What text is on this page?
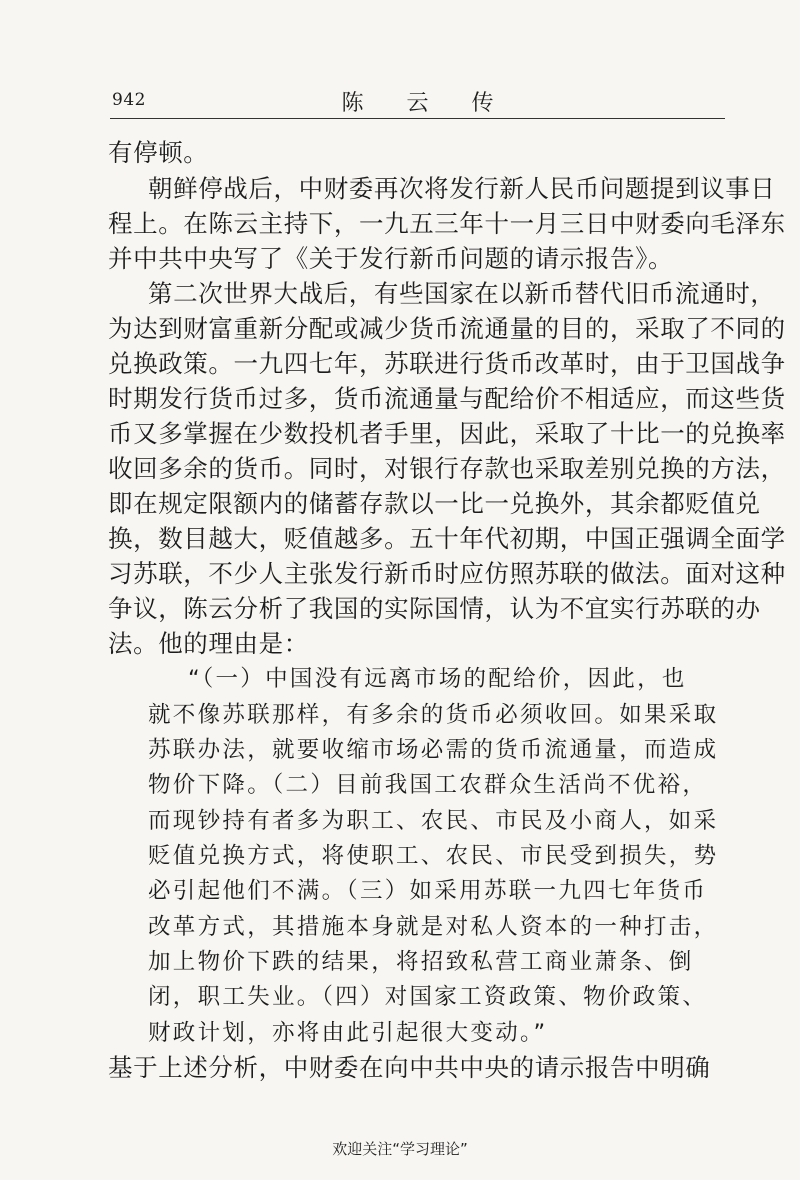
942	陈 云 传
有停顿。
朝鲜停战后，中财委再次将发行新人民币问题提到议事日
程上。在陈云主持下，一九五三年十一月三日中财委向毛泽东
并中共中央写了《关于发行新币问题的请示报告》。
第二次世界大战后，有些国家在以新币替代旧币流通时，
为达到财富重新分配或减少货币流通量的目的，采取了不同的
兑换政策。一九四七年，苏联进行货币改革时，由于卫国战争
时期发行货币过多，货币流通量与配给价不相适应，而这些货
币又多掌握在少数投机者手里，因此，采取了十比一的兑换率
收回多余的货币。同时，对银行存款也采取差别兑换的方法，
即在规定限额内的储蓄存款以一比一兑换外，其余都贬值兑
换，数目越大，贬值越多。五十年代初期，中国正强调全面学
习苏联，不少人主张发行新币时应仿照苏联的做法。面对这种
争议，陈云分析了我国的实际国情，认为不宜实行苏联的办
法。他的理由是：
“（一）中国没有远离市场的配给价，因此，也
就不像苏联那样，有多余的货币必须收回。如果采取
苏联办法，就要收缩市场必需的货币流通量，而造成
物价下降。（二）目前我国工农群众生活尚不优裕，
而现钞持有者多为职工、农民、市民及小商人，如采
贬值兑换方式，将使职工、农民、市民受到损失，势
必引起他们不满。（三）如采用苏联一九四七年货币
改革方式，其措施本身就是对私人资本的一种打击，
加上物价下跌的结果，将招致私营工商业萧条、倒
闭，职工失业。（四）对国家工资政策、物价政策、
财政计划，亦将由此引起很大变动。”
基于上述分析，中财委在向中共中央的请示报告中明确
欢迎关注“学习理论”
